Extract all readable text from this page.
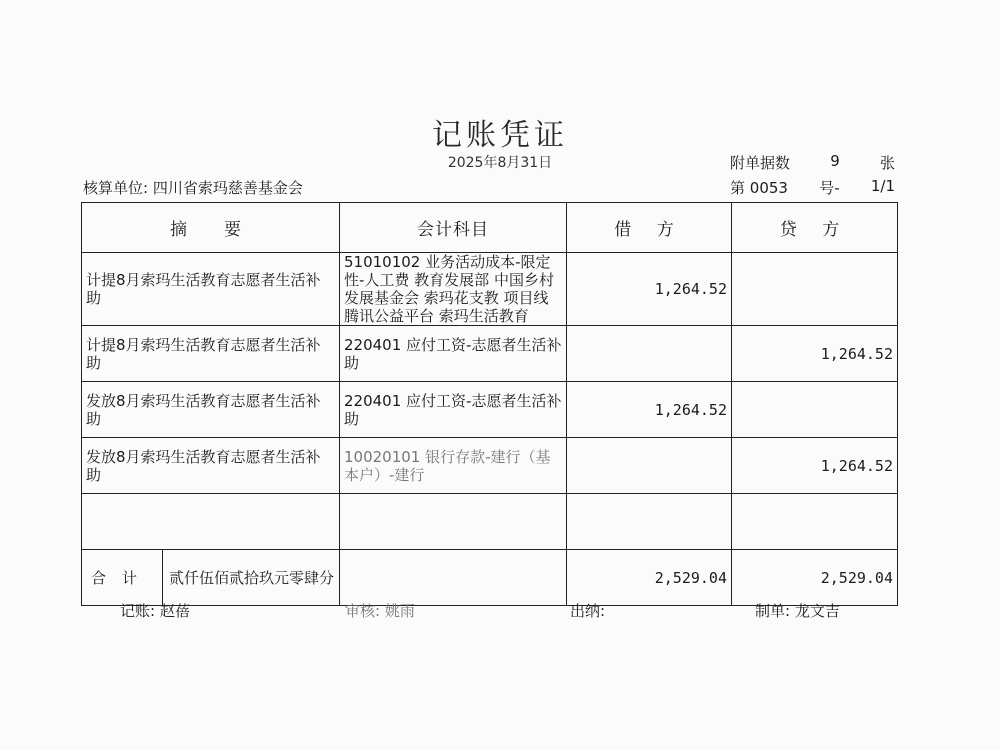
记账凭证
2025年8月31日	附单据数	9	张
核算单位: 四川省索玛慈善基金会	第 0053 号- 1/1
摘　要	会计科目	借 方	贷 方
计提8月索玛生活教育志愿者生活补助	51010102 业务活动成本-限定性-人工费 教育发展部 中国乡村发展基金会 索玛花支教 项目线 腾讯公益平台 索玛生活教育	1,264.52	
计提8月索玛生活教育志愿者生活补助	220401 应付工资-志愿者生活补助		1,264.52
发放8月索玛生活教育志愿者生活补助	220401 应付工资-志愿者生活补助	1,264.52	
发放8月索玛生活教育志愿者生活补助	10020101 银行存款-建行（基本户）-建行		1,264.52

合计 贰仟伍佰贰拾玖元零肆分		2,529.04	2,529.04
记账: 赵蓓	审核: 姚雨	出纳:	制单: 龙文吉
